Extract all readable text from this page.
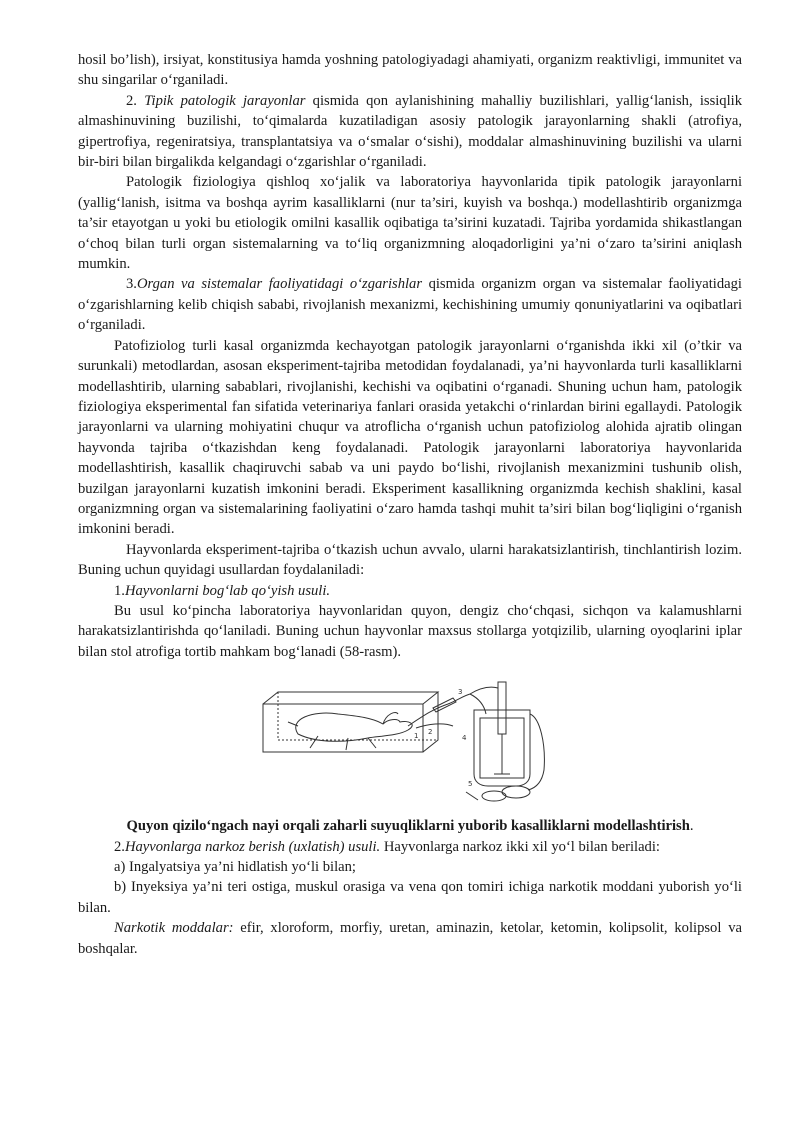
hosil bo’lish), irsiyat, konstitusiya hamda yoshning patologiyadagi ahamiyati, organizm reaktivligi, immunitet va shu singarilar o‘rganiladi.

2. Tipik patologik jarayonlar qismida qon aylanishining mahalliy buzilishlari, yallig‘lanish, issiqlik almashinuvining buzilishi, to‘qimalarda kuzatiladigan asosiy patologik jarayonlarning shakli (atrofiya, gipertrofiya, regeniratsiya, transplantatsiya va o‘smalar o‘sishi), moddalar almashinuvining buzilishi va ularni bir-biri bilan birgalikda kelgandagi o‘zgarishlar o‘rganiladi.

Patologik fiziologiya qishloq xo‘jalik va laboratoriya hayvonlarida tipik patologik jarayonlarni (yallig‘lanish, isitma va boshqa ayrim kasalliklarni (nur ta’siri, kuyish va boshqa.) modellashtirib organizmga ta’sir etayotgan u yoki bu etiologik omilni kasallik oqibatiga ta’sirini kuzatadi. Tajriba yordamida shikastlangan o‘choq bilan turli organ sistemalarning va to‘liq organizmning aloqadorligini ya’ni o‘zaro ta’sirini aniqlash mumkin.

3.Organ va sistemalar faoliyatidagi o‘zgarishlar qismida organizm organ va sistemalar faoliyatidagi o‘zgarishlarning kelib chiqish sababi, rivojlanish mexanizmi, kechishining umumiy qonuniyatlarini va oqibatlari o‘rganiladi.

Patofiziolog turli kasal organizmda kechayotgan patologik jarayonlarni o‘rganishda ikki xil (o’tkir va surunkali) metodlardan, asosan eksperiment-tajriba metodidan foydalanadi, ya’ni hayvonlarda turli kasalliklarni modellashtirib, ularning sabablari, rivojlanishi, kechishi va oqibatini o‘rganadi. Shuning uchun ham, patologik fiziologiya eksperimental fan sifatida veterinariya fanlari orasida yetakchi o‘rinlardan birini egallaydi. Patologik jarayonlarni va ularning mohiyatini chuqur va atroflicha o‘rganish uchun patofiziolog alohida ajratib olingan hayvonda tajriba o‘tkazishdan keng foydalanadi. Patologik jarayonlarni laboratoriya hayvonlarida modellashtirish, kasallik chaqiruvchi sabab va uni paydo bo‘lishi, rivojlanish mexanizmini tushunib olish, buzilgan jarayonlarni kuzatish imkonini beradi. Eksperiment kasallikning organizmda kechish shaklini, kasal organizmning organ va sistemalarining faoliyatini o‘zaro hamda tashqi muhit ta’siri bilan bog‘liqligini o‘rganish imkonini beradi.

Hayvonlarda eksperiment-tajriba o‘tkazish uchun avvalo, ularni harakatsizlantirish, tinchlantirish lozim. Buning uchun quyidagi usullardan foydalaniladi:

1.Hayvonlarni bog‘lab qo‘yish usuli.

Bu usul ko‘pincha laboratoriya hayvonlaridan quyon, dengiz cho‘chqasi, sichqon va kalamushlarni harakatsizlantirishda qo‘laniladi. Buning uchun hayvonlar maxsus stollarga yotqizilib, ularning oyoqlarini iplar bilan stol atrofiga tortib mahkam bog‘lanadi (58-rasm).

1 2
3
4
5

Quyon qizilo‘ngach nayi orqali zaharli suyuqliklarni yuborib kasalliklarni modellashtirish.

2.Hayvonlarga narkoz berish (uxlatish) usuli. Hayvonlarga narkoz ikki xil yo‘l bilan beriladi:

a) Ingalyatsiya ya’ni hidlatish yo‘li bilan;

b) Inyeksiya ya’ni teri ostiga, muskul orasiga va vena qon tomiri ichiga narkotik moddani yuborish yo‘li bilan.

Narkotik moddalar: efir, xloroform, morfiy, uretan, aminazin, ketolar, ketomin, kolipsolit, kolipsol va boshqalar.
